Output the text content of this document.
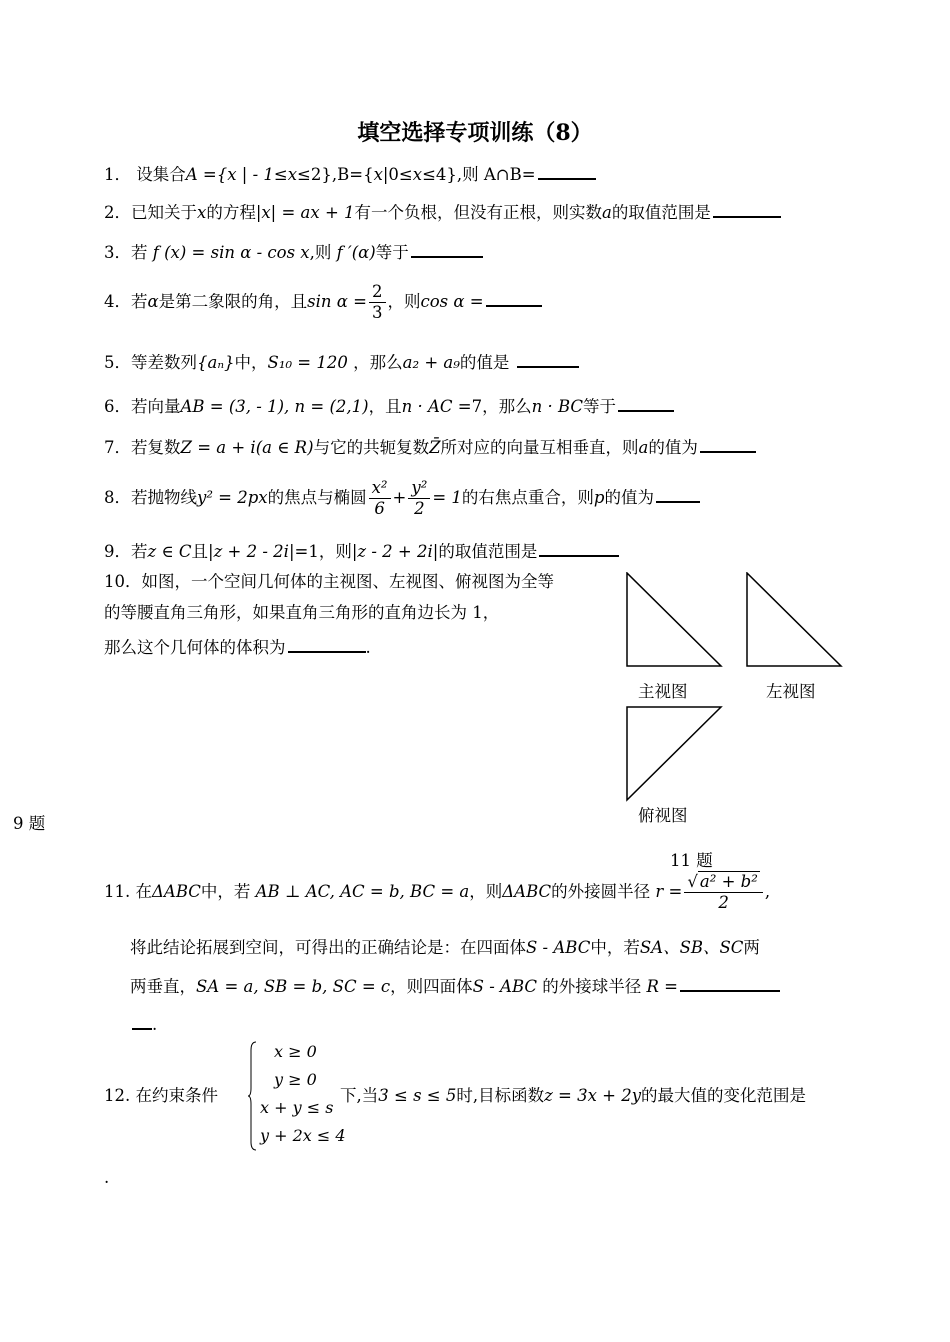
填空选择专项训练（8）
1． 设集合A ={x | - 1≤x≤2},B={x|0≤x≤4},则 A∩B=
2．已知关于x的方程|x| = ax + 1有一个负根，但没有正根，则实数a的取值范围是
3．若 f (x) = sin α - cos x,则 f ′(α)等于
4．若α是第二象限的角，且$\sin \alpha = \frac{2}{3}$ ，则cos α =
5．等差数列{aₙ}中，S₁₀ = 120 ，那么a₂ + a₉的值是
6．若向量AB = (3, - 1), n = (2,1)，且n · AC =7，那么n · BC等于
7．若复数Z = a + i(a ∈ R)与它的共轭复数Z̄所对应的向量互相垂直，则a的值为
8．若抛物线y² = 2px的焦点与椭圆 $\frac{\text{x²}}{6} + \frac{\text{y²}}{2} = 1$的右焦点重合，则p的值为
9．若z ∈ C且|z + 2 - 2i|=1，则|z - 2 + 2i|的取值范围是
10．如图，一个空间几何体的主视图、左视图、俯视图为全等
的等腰直角三角形，如果直角三角形的直角边长为 1，
那么这个几何体的体积为	.
主视图	左视图
俯视图
9 题
11 题
11. 在ΔABC中，若 AB ⊥ AC, AC = b, BC = a，则ΔABC的外接圆半径 $r = \frac{\text{√ a² + b²}}{2}$ ,
将此结论拓展到空间，可得出的正确结论是：在四面体S - ABC中，若SA、SB、SC两
两垂直，SA = a, SB = b, SC = c，则四面体S - ABC 的外接球半径 R =
.
12. 在约束条件
x ≥ 0
y ≥ 0
x + y ≤ s
y + 2x ≤ 4
下,当3 ≤ s ≤ 5时,目标函数z = 3x + 2y的最大值的变化范围是
.
